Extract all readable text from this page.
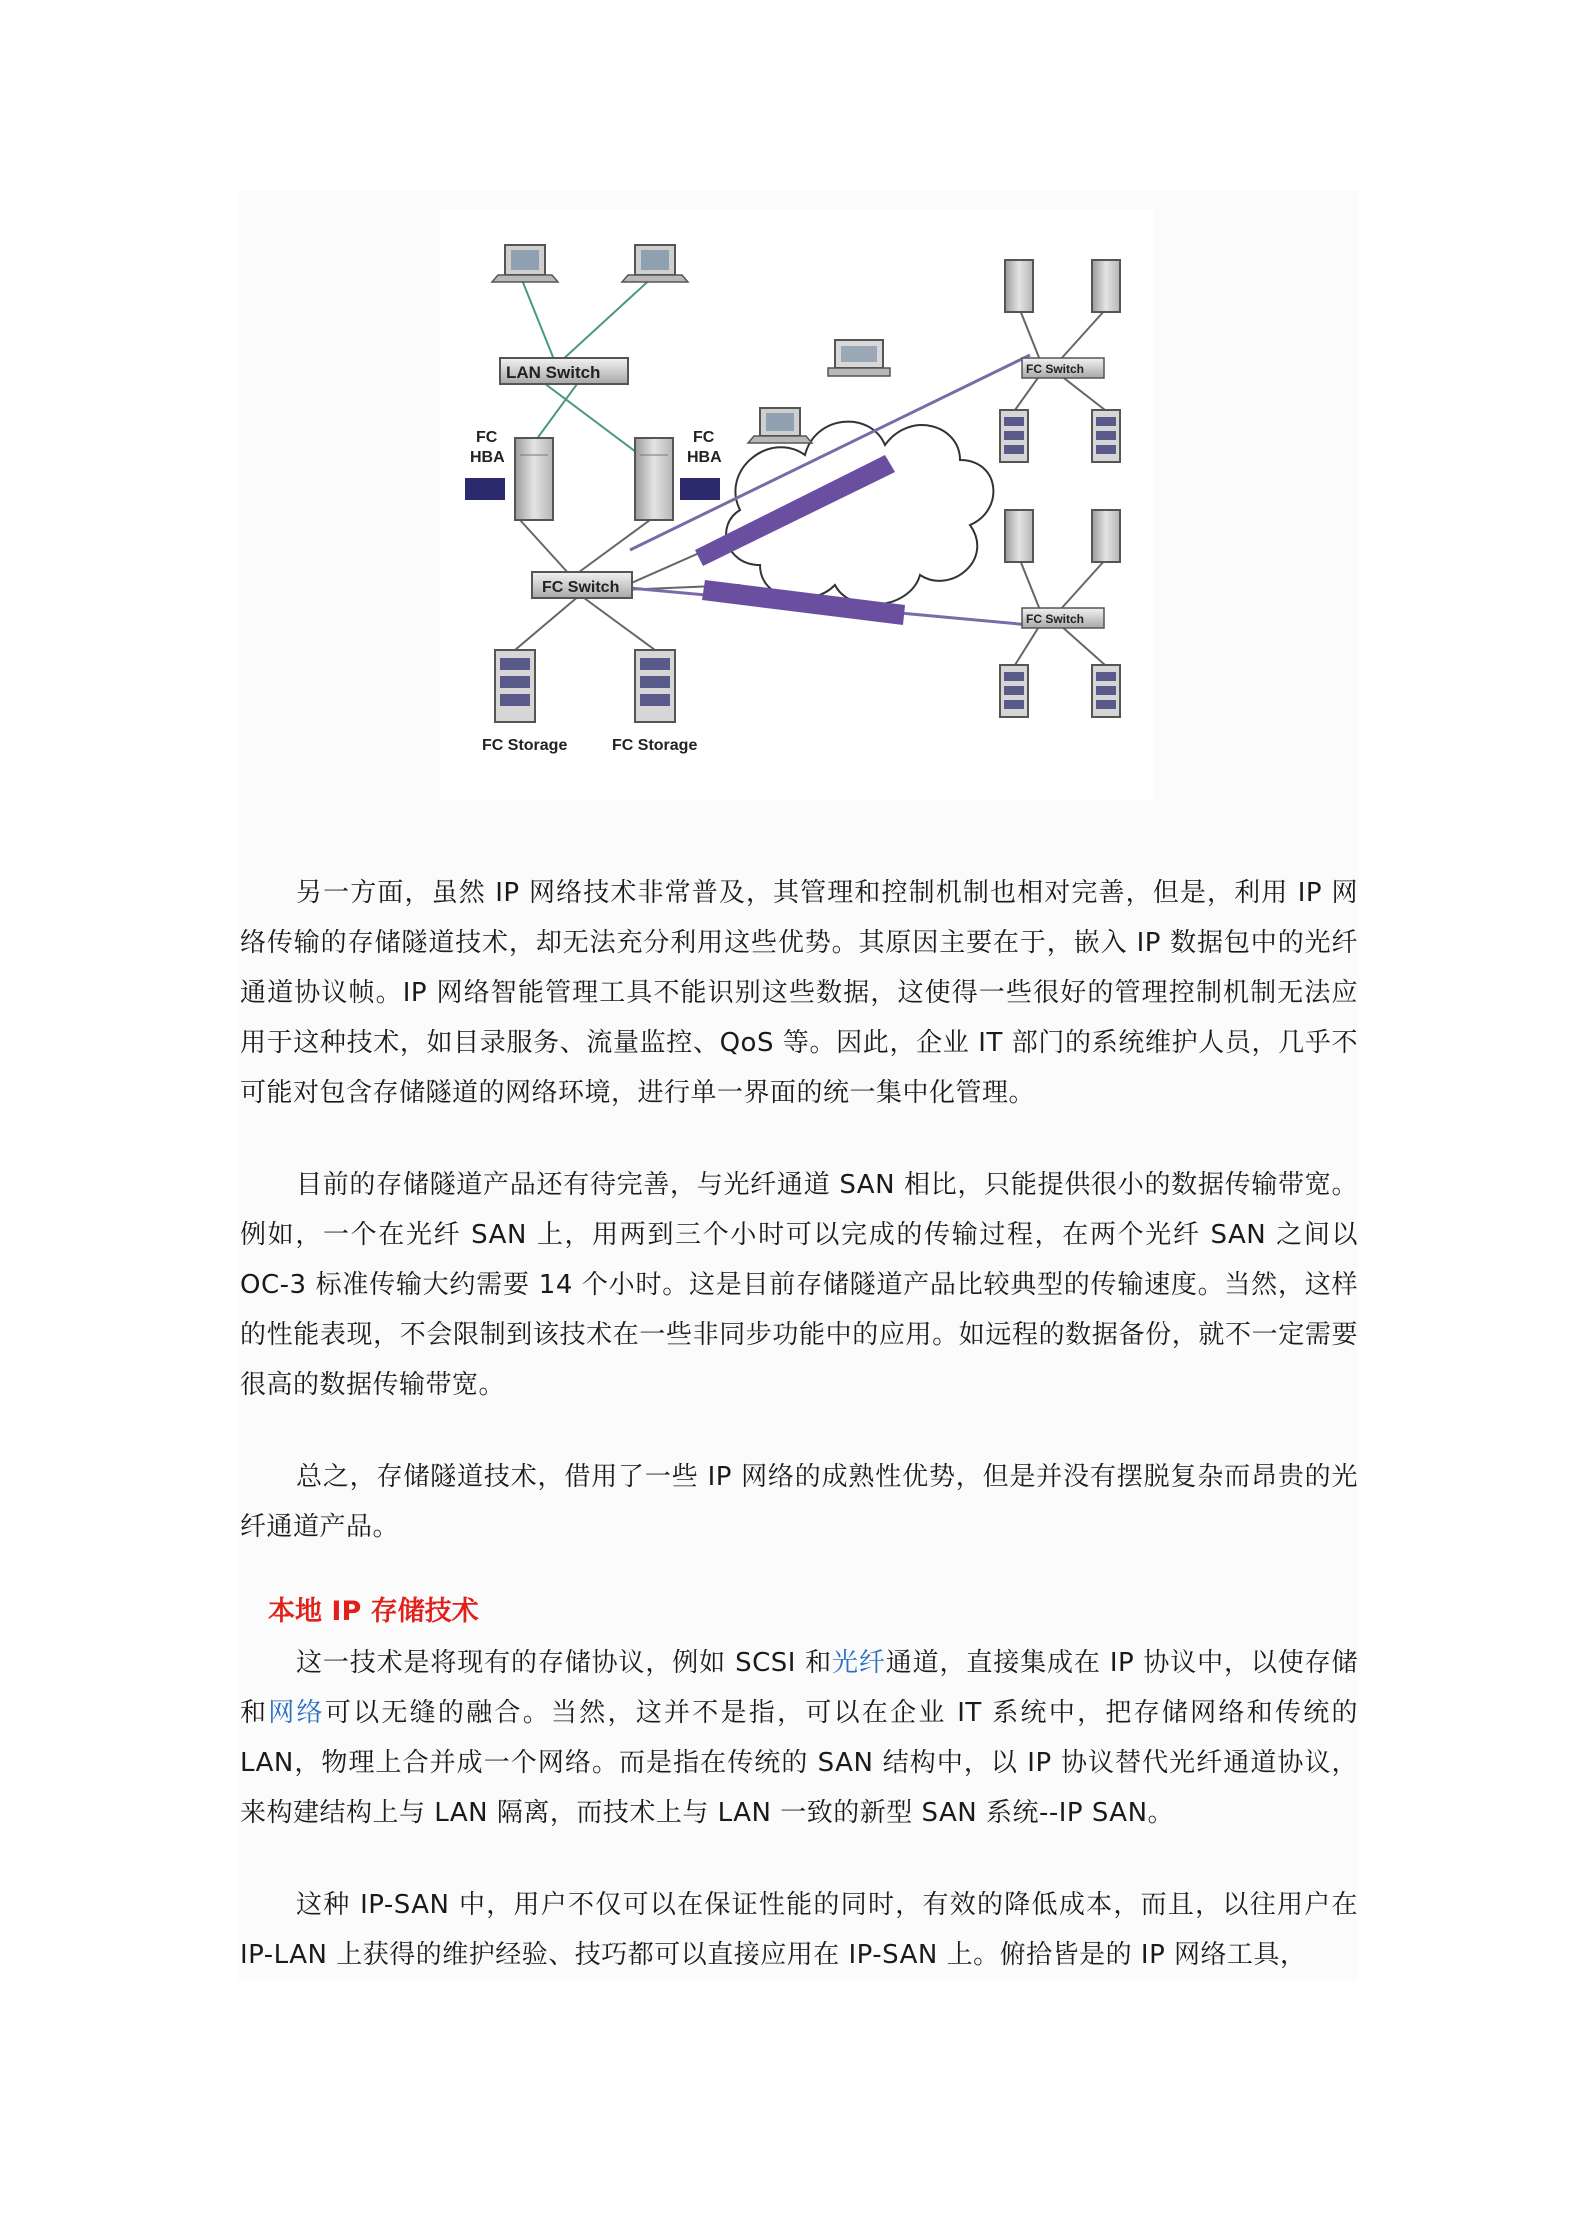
LAN Switch
FC
HBA
FC
HBA
FC Switch
FC Storage	FC Storage
FC Switch
FC Switch

另一方面，虽然 IP 网络技术非常普及，其管理和控制机制也相对完善，但是，利用 IP 网络传输的存储隧道技术，却无法充分利用这些优势。其原因主要在于，嵌入 IP 数据包中的光纤通道协议帧。IP 网络智能管理工具不能识别这些数据，这使得一些很好的管理控制机制无法应用于这种技术，如目录服务、流量监控、QoS 等。因此，企业 IT 部门的系统维护人员，几乎不可能对包含存储隧道的网络环境，进行单一界面的统一集中化管理。

目前的存储隧道产品还有待完善，与光纤通道 SAN 相比，只能提供很小的数据传输带宽。例如，一个在光纤 SAN 上，用两到三个小时可以完成的传输过程，在两个光纤 SAN 之间以 OC-3 标准传输大约需要 14 个小时。这是目前存储隧道产品比较典型的传输速度。当然，这样的性能表现，不会限制到该技术在一些非同步功能中的应用。如远程的数据备份，就不一定需要很高的数据传输带宽。

总之，存储隧道技术，借用了一些 IP 网络的成熟性优势，但是并没有摆脱复杂而昂贵的光纤通道产品。

本地 IP 存储技术

这一技术是将现有的存储协议，例如 SCSI 和光纤通道，直接集成在 IP 协议中，以使存储和网络可以无缝的融合。当然，这并不是指，可以在企业 IT 系统中，把存储网络和传统的 LAN，物理上合并成一个网络。而是指在传统的 SAN 结构中，以 IP 协议替代光纤通道协议，来构建结构上与 LAN 隔离，而技术上与 LAN 一致的新型 SAN 系统--IP SAN。

这种 IP-SAN 中，用户不仅可以在保证性能的同时，有效的降低成本，而且，以往用户在 IP-LAN 上获得的维护经验、技巧都可以直接应用在 IP-SAN 上。俯拾皆是的 IP 网络工具，
